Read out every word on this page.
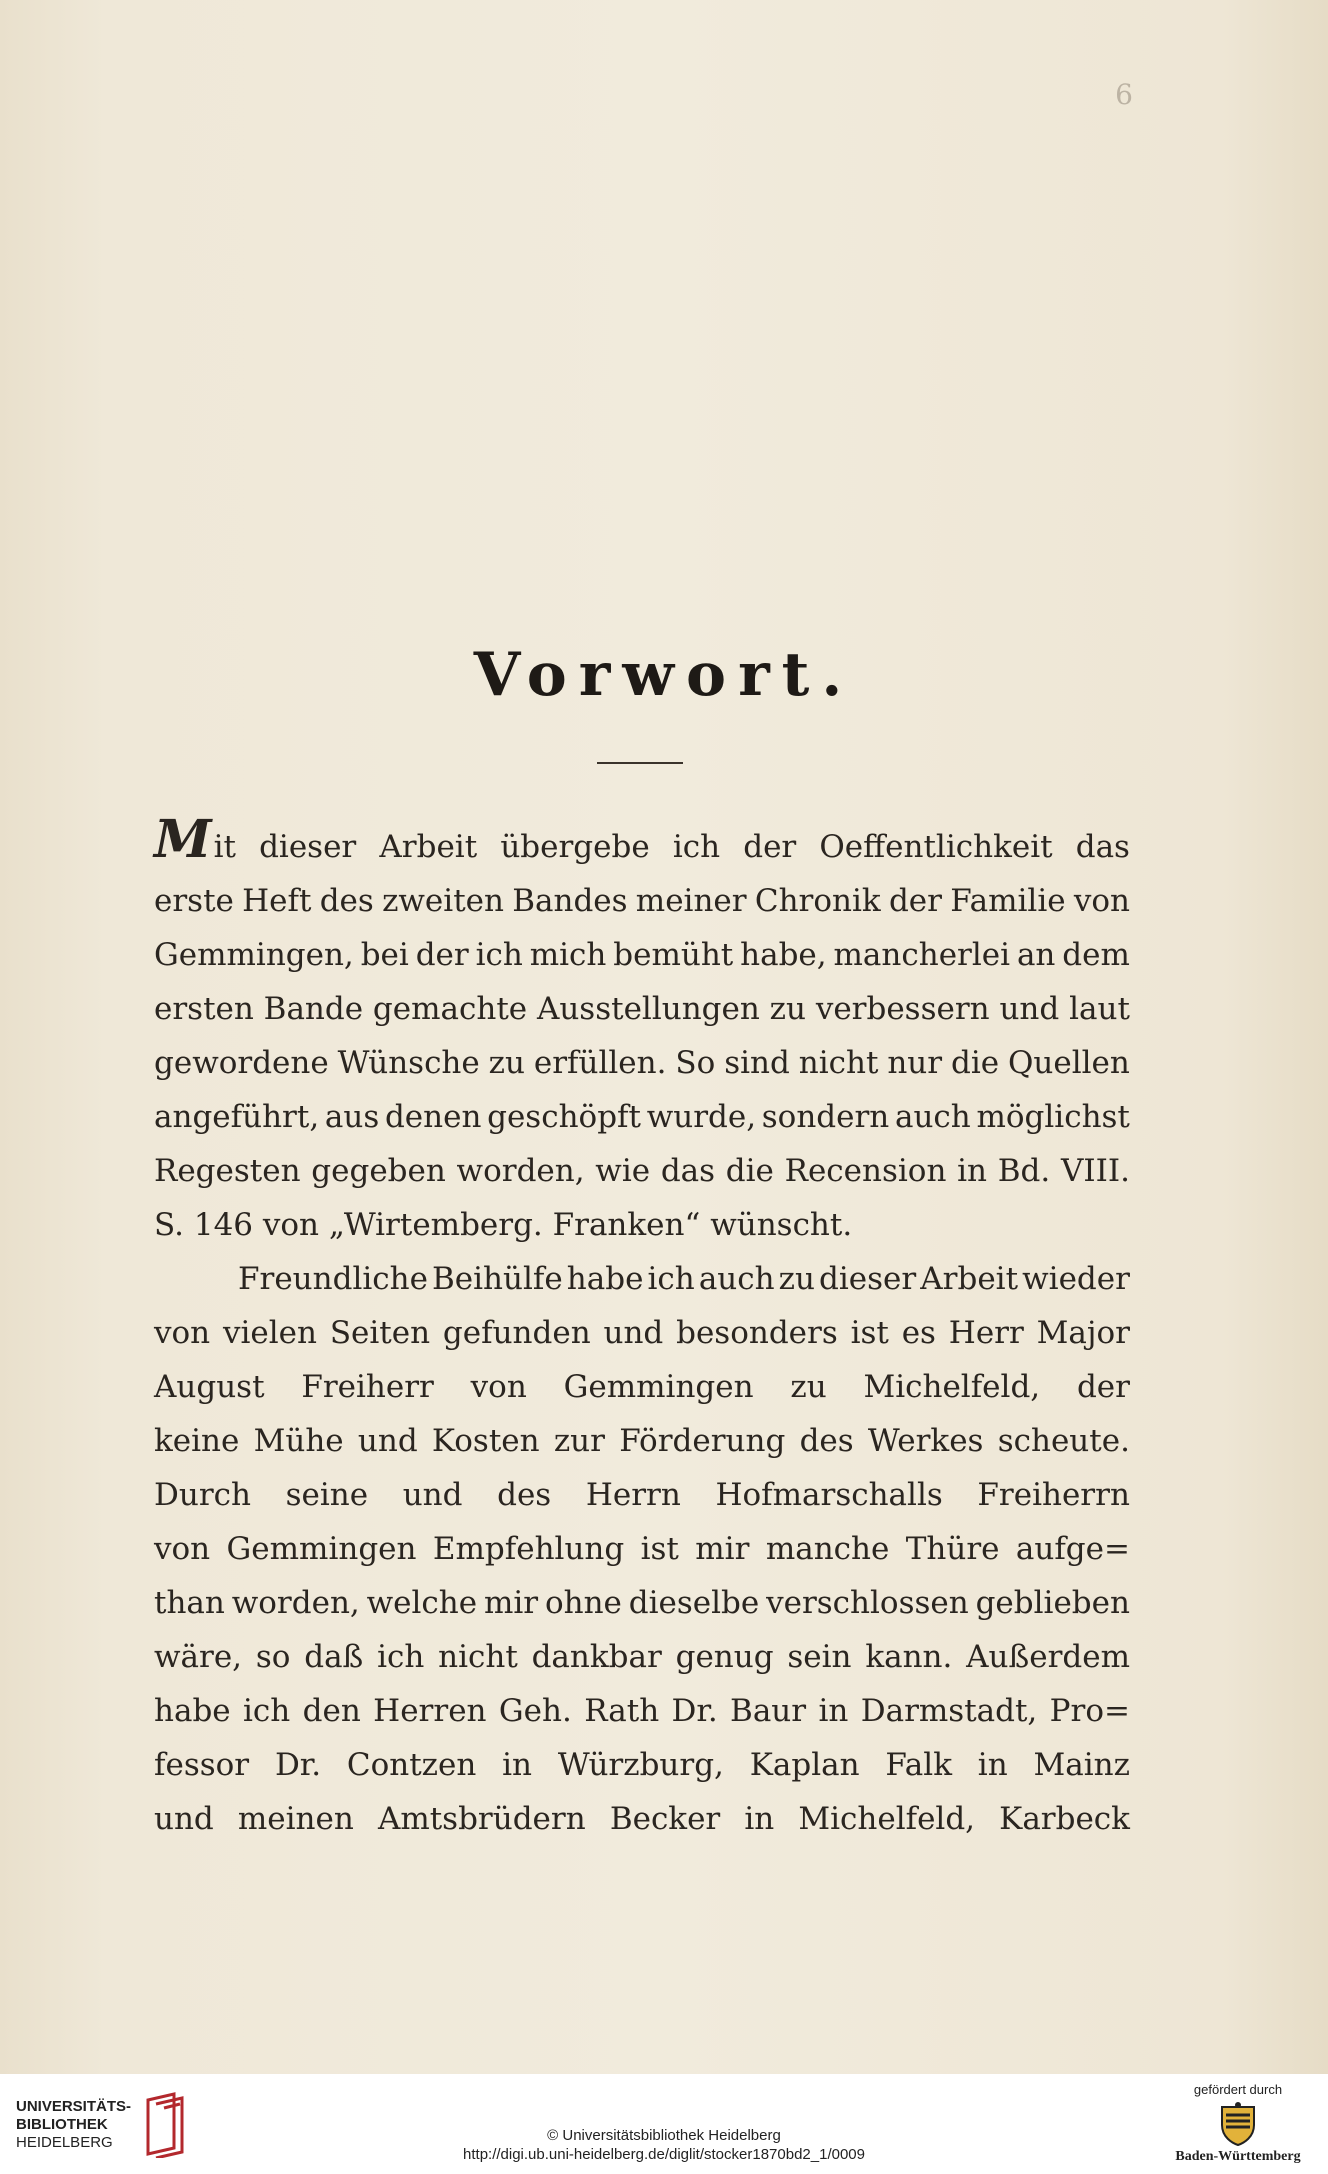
6
Vorwort.
Mit dieser Arbeit übergebe ich der Oeffentlichkeit das
erste Heft des zweiten Bandes meiner Chronik der Familie von
Gemmingen, bei der ich mich bemüht habe, mancherlei an dem
ersten Bande gemachte Ausstellungen zu verbessern und laut
gewordene Wünsche zu erfüllen. So sind nicht nur die Quellen
angeführt, aus denen geschöpft wurde, sondern auch möglichst
Regesten gegeben worden, wie das die Recension in Bd. VIII.
S. 146 von „Wirtemberg. Franken“ wünscht.
Freundliche Beihülfe habe ich auch zu dieser Arbeit wieder
von vielen Seiten gefunden und besonders ist es Herr Major
August Freiherr von Gemmingen zu Michelfeld, der
keine Mühe und Kosten zur Förderung des Werkes scheute.
Durch seine und des Herrn Hofmarschalls Freiherrn
von Gemmingen Empfehlung ist mir manche Thüre aufge=
than worden, welche mir ohne dieselbe verschlossen geblieben
wäre, so daß ich nicht dankbar genug sein kann. Außerdem
habe ich den Herren Geh. Rath Dr. Baur in Darmstadt, Pro=
fessor Dr. Contzen in Würzburg, Kaplan Falk in Mainz
und meinen Amtsbrüdern Becker in Michelfeld, Karbeck
UNIVERSITÄTS-
BIBLIOTHEK
HEIDELBERG	© Universitätsbibliothek Heidelberg
http://digi.ub.uni-heidelberg.de/diglit/stocker1870bd2_1/0009
gefördert durch
Baden-Württemberg
